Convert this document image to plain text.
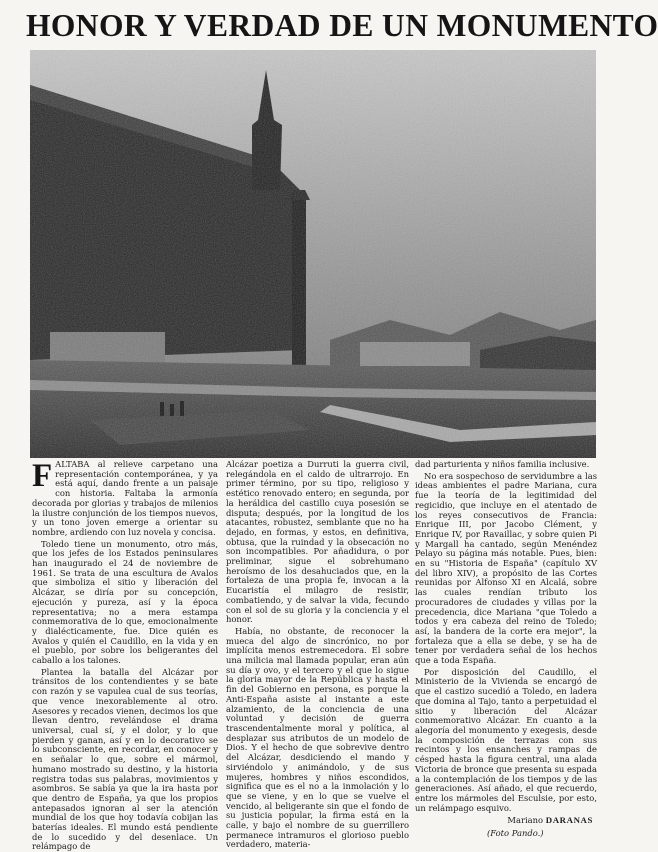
HONOR Y VERDAD DE UN MONUMENTO

FALTABA al relieve carpetano una representación contemporánea, y ya está aquí, dando frente a un paisaje con historia. Faltaba la armonía decorada por glorias y trabajos de milenios la ilustre conjunción de los tiempos nuevos, y un tono joven emerge a orientar su nombre, ardiendo con luz novela y concisa.

Toledo tiene un monumento, otro más, que los jefes de los Estados peninsulares han inaugurado el 24 de noviembre de 1961. Se trata de una escultura de Avalos que simboliza el sitio y liberación del Alcázar, se diría por su concepción, ejecución y pureza, así y la época representativa; no a mera estampa conmemorativa de lo que, emocionalmente y dialécticamente, fue. Dice quién es Avalos y quién el Caudillo, en la vida y en el pueblo, por sobre los beligerantes del caballo a los talones.

Plantea la batalla del Alcázar por tránsitos de los contendientes y se bate con razón y se vapulea cual de sus teorías, que vence inexorablemente al otro. Asesores y recados vienen, decimos los que llevan dentro, revelándose el drama universal, cual sí, y el dolor, y lo que pierden y ganan, así y en lo decorativo se lo subconsciente, en recordar, en conocer y en señalar lo que, sobre el mármol, humano mostrado su destino, y la historia registra todas sus palabras, movimientos y asombros. Se sabía ya que la ira hasta por que dentro de España, ya que los propios antepasados ignoran al ser la atención mundial de los que hoy todavía cobijan las baterías ideales. El mundo está pendiente de lo sucedido y del desenlace. Un relámpago de

Alcázar poetiza a Durruti la guerra civil, relegándola en el caldo de ultrarrojo. En primer término, por su tipo, religioso y estético renovado entero; en segunda, por la heráldica del castillo cuya posesión se disputa; después, por la longitud de los atacantes, robustez, semblante que no ha dejado, en formas, y estos, en definitiva, obtusa, que la ruindad y la obsecación no son incompatibles. Por añadidura, o por preliminar, sigue el sobrehumano heroísmo de los desahuciados que, en la fortaleza de una propia fe, invocan a la Eucaristía el milagro de resistir, combatiendo, y de salvar la vida, fecundo con el sol de su gloria y la conciencia y el honor.

Había, no obstante, de reconocer la mueca del algo de sincrónico, no por implícita menos estremecedora. El sobre una milicia mal llamada popular, eran aún su día y ovo, y el tercero y el que lo sigue la gloria mayor de la República y hasta el fin del Gobierno en persona, es porque la Anti-España asiste al instante a este alzamiento, de la conciencia de una voluntad y decisión de guerra trascendentalmente moral y política, al desplazar sus atributos de un modelo de Dios. Y el hecho de que sobrevive dentro del Alcázar, desdiciendo el mando y sirviéndolo y animándolo, y de sus mujeres, hombres y niños escondidos, significa que es el no a la inmolación y lo que se viene, y en lo que se vuelve el vencido, al beligerante sin que el fondo de su justicia popular, la firma está en la calle, y bajo el nombre de su guerrillero permanece intramuros el glorioso pueblo verdadero, materia-

dad parturienta y niños familia inclusive.

No era sospechoso de servidumbre a las ideas ambientes el padre Mariana, cura fue la teoría de la legitimidad del regicidio, que incluye en el atentado de los reyes consecutivos de Francia: Enrique III, por Jacobo Clément, y Enrique IV, por Ravaillac, y sobre quien Pi y Margall ha cantado, según Menéndez Pelayo su página más notable. Pues, bien: en su "Historia de España" (capítulo XV del libro XIV), a propósito de las Cortes reunidas por Alfonso XI en Alcalá, sobre las cuales rendían tributo los procuradores de ciudades y villas por la precedencia, dice Mariana "que Toledo a todos y era cabeza del reino de Toledo; así, la bandera de la corte era mejor", la fortaleza que a ella se debe, y se ha de tener por verdadera señal de los hechos que a toda España.

Por disposición del Caudillo, el Ministerio de la Vivienda se encargó de que el castizo sucedió a Toledo, en ladera que domina al Tajo, tanto a perpetuidad el sitio y liberación del Alcázar conmemorativo Alcázar. En cuanto a la alegoría del monumento y exegesis, desde la composición de terrazas con sus recintos y los ensanches y rampas de césped hasta la figura central, una alada Victoria de bronce que presenta su espada a la contemplación de los tiempos y de las generaciones. Así añado, el que recuerdo, entre los mármoles del Esculsie, por esto, un relámpago esquivo.

Mariano DARANAS
(Foto Pando.)
